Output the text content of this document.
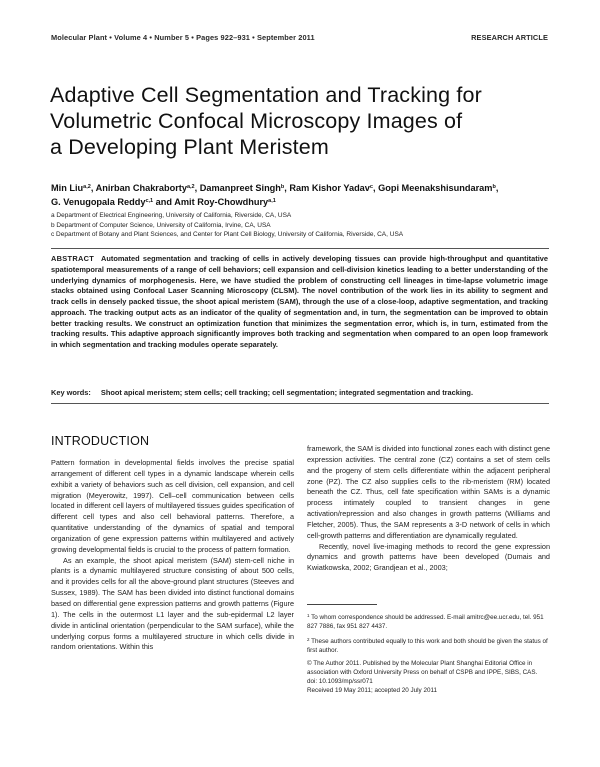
Molecular Plant • Volume 4 • Number 5 • Pages 922–931 • September 2011	RESEARCH ARTICLE
Adaptive Cell Segmentation and Tracking for
Volumetric Confocal Microscopy Images of
a Developing Plant Meristem
Min Liu$^{a,2}$, Anirban Chakraborty$^{a,2}$, Damanpreet Singh$^b$, Ram Kishor Yadav$^c$, Gopi Meenakshisundaram$^b$,
G. Venugopala Reddy$^{c,1}$ and Amit Roy-Chowdhury$^{a,1}$
a Department of Electrical Engineering, University of California, Riverside, CA, USA
b Department of Computer Science, University of California, Irvine, CA, USA
c Department of Botany and Plant Sciences, and Center for Plant Cell Biology, University of California, Riverside, CA, USA
ABSTRACT Automated segmentation and tracking of cells in actively developing tissues can provide high-throughput and quantitative spatiotemporal measurements of a range of cell behaviors; cell expansion and cell-division kinetics leading to a better understanding of the underlying dynamics of morphogenesis. Here, we have studied the problem of constructing cell lineages in time-lapse volumetric image stacks obtained using Confocal Laser Scanning Microscopy (CLSM). The novel contribution of the work lies in its ability to segment and track cells in densely packed tissue, the shoot apical meristem (SAM), through the use of a close-loop, adaptive segmentation, and tracking approach. The tracking output acts as an indicator of the quality of segmentation and, in turn, the segmentation can be improved to obtain better tracking results. We construct an optimization function that minimizes the segmentation error, which is, in turn, estimated from the tracking results. This adaptive approach significantly improves both tracking and segmentation when compared to an open loop framework in which segmentation and tracking modules operate separately.
Key words: Shoot apical meristem; stem cells; cell tracking; cell segmentation; integrated segmentation and tracking.
INTRODUCTION

Pattern formation in developmental fields involves the precise spatial arrangement of different cell types in a dynamic landscape wherein cells exhibit a variety of behaviors such as cell division, cell expansion, and cell migration (Meyerowitz, 1997). Cell–cell communication between cells located in different cell layers of multilayered tissues guides specification of different cell types and also cell behavioral patterns. Therefore, a quantitative understanding of the dynamics of spatial and temporal organization of gene expression patterns within multilayered and actively growing developmental fields is crucial to the process of pattern formation.

As an example, the shoot apical meristem (SAM) stem-cell niche in plants is a dynamic multilayered structure consisting of about 500 cells, and it provides cells for all the above-ground plant structures (Steeves and Sussex, 1989). The SAM has been divided into distinct functional domains based on differential gene expression patterns and growth patterns (Figure 1). The cells in the outermost L1 layer and the sub-epidermal L2 layer divide in anticlinal orientation (perpendicular to the SAM surface), while the underlying corpus forms a multilayered structure in which cells divide in random orientations. Within this

framework, the SAM is divided into functional zones each with distinct gene expression activities. The central zone (CZ) contains a set of stem cells and the progeny of stem cells differentiate within the adjacent peripheral zone (PZ). The CZ also supplies cells to the rib-meristem (RM) located beneath the CZ. Thus, cell fate specification within SAMs is a dynamic process intimately coupled to transient changes in gene activation/repression and also changes in growth patterns (Williams and Fletcher, 2005). Thus, the SAM represents a 3-D network of cells in which cell-growth patterns and differentiation are dynamically regulated.

Recently, novel live-imaging methods to record the gene expression dynamics and growth patterns have been developed (Dumais and Kwiatkowska, 2002; Grandjean et al., 2003;

$^1$ To whom correspondence should be addressed. E-mail amitrc@ee.ucr.edu, tel. 951 827 7886, fax 951 827 4437.

$^2$ These authors contributed equally to this work and both should be given the status of first author.

© The Author 2011. Published by the Molecular Plant Shanghai Editorial Office in association with Oxford University Press on behalf of CSPB and IPPE, SIBS, CAS.
doi: 10.1093/mp/ssr071
Received 19 May 2011; accepted 20 July 2011
